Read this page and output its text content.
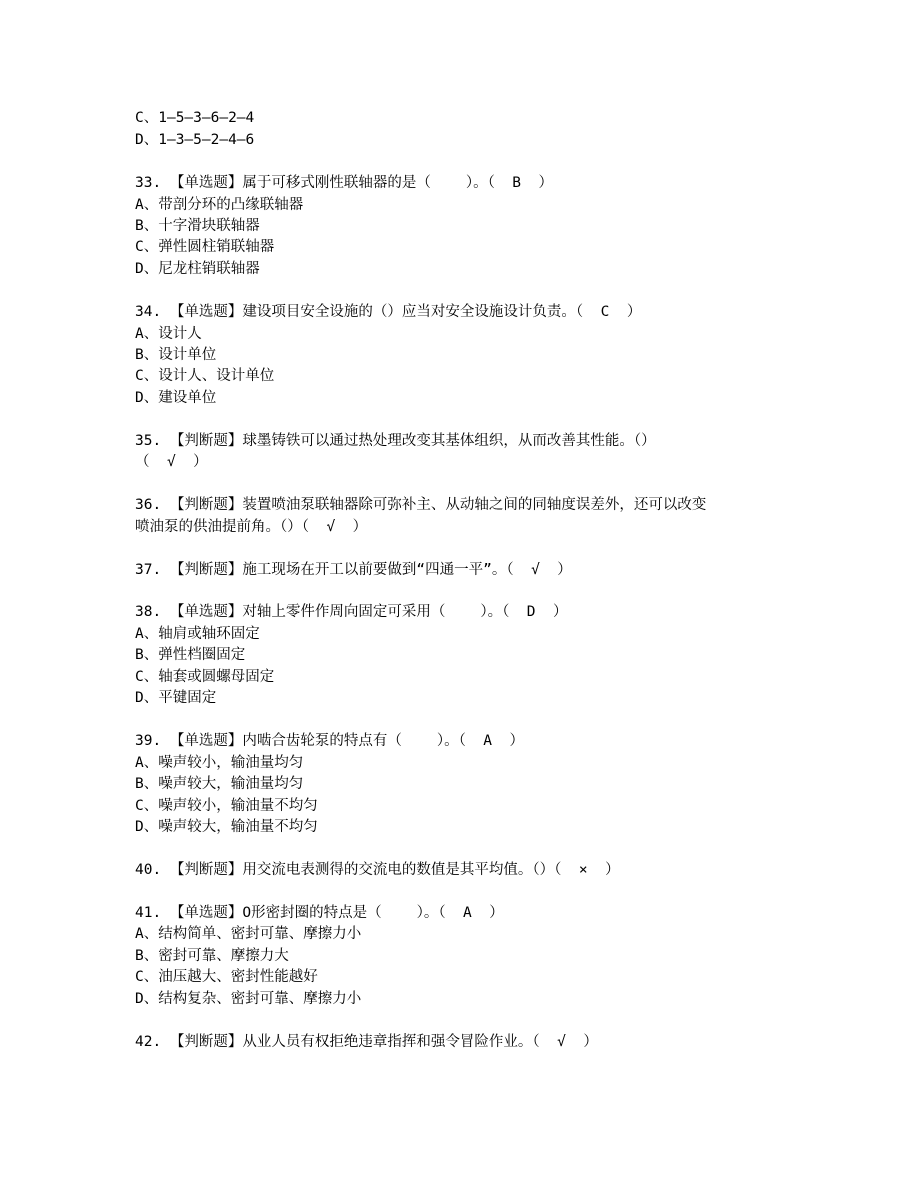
C、1—5—3—6—2—4
D、1—3—5—2—4—6
33. 【单选题】属于可移式刚性联轴器的是（    ）。（  B  ）
A、带剖分环的凸缘联轴器
B、十字滑块联轴器
C、弹性圆柱销联轴器
D、尼龙柱销联轴器
34. 【单选题】建设项目安全设施的（）应当对安全设施设计负责。（  C  ）
A、设计人
B、设计单位
C、设计人、设计单位
D、建设单位
35. 【判断题】球墨铸铁可以通过热处理改变其基体组织，从而改善其性能。（）
（  √  ）
36. 【判断题】装置喷油泵联轴器除可弥补主、从动轴之间的同轴度误差外，还可以改变
喷油泵的供油提前角。（）（  √  ）
37. 【判断题】施工现场在开工以前要做到“四通一平”。（  √  ）
38. 【单选题】对轴上零件作周向固定可采用（    ）。（  D  ）
A、轴肩或轴环固定
B、弹性档圈固定
C、轴套或圆螺母固定
D、平键固定
39. 【单选题】内啮合齿轮泵的特点有（    ）。（  A  ）
A、噪声较小，输油量均匀
B、噪声较大，输油量均匀
C、噪声较小，输油量不均匀
D、噪声较大，输油量不均匀
40. 【判断题】用交流电表测得的交流电的数值是其平均值。（）（  ×  ）
41. 【单选题】O形密封圈的特点是（    ）。（  A  ）
A、结构简单、密封可靠、摩擦力小
B、密封可靠、摩擦力大
C、油压越大、密封性能越好
D、结构复杂、密封可靠、摩擦力小
42. 【判断题】从业人员有权拒绝违章指挥和强令冒险作业。（  √  ）
